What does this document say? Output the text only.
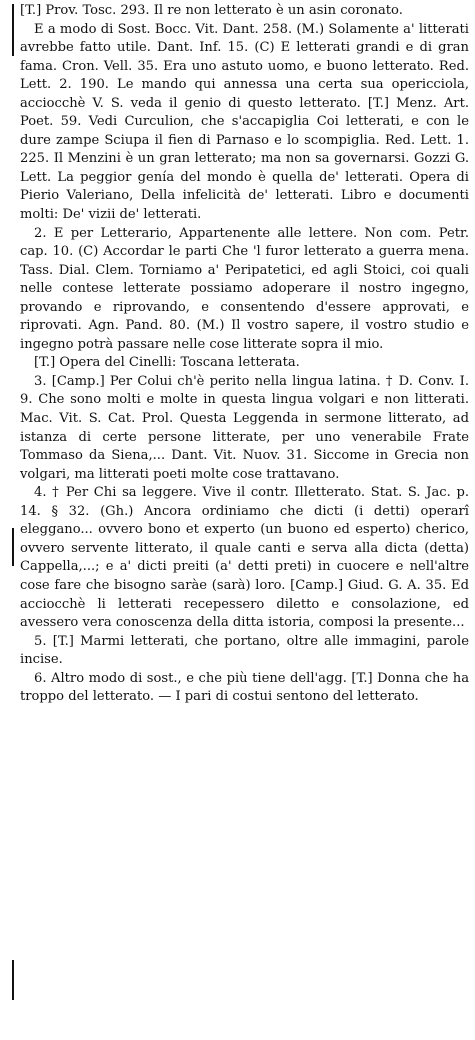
[T.] Prov. Tosc. 293. Il re non letterato è un asin coronato.

E a modo di Sost. Bocc. Vit. Dant. 258. (M.) Solamente a' litterati avrebbe fatto utile. Dant. Inf. 15. (C) E letterati grandi e di gran fama. Cron. Vell. 35. Era uno astuto uomo, e buono letterato. Red. Lett. 2. 190. Le mando qui annessa una certa sua opericciola, acciocchè V. S. veda il genio di questo letterato. [T.] Menz. Art. Poet. 59. Vedi Curculion, che s'accapiglia Coi letterati, e con le dure zampe Sciupa il fien di Parnaso e lo scompiglia. Red. Lett. 1. 225. Il Menzini è un gran letterato; ma non sa governarsi. Gozzi G. Lett. La peggior genía del mondo è quella de' letterati. Opera di Pierio Valeriano, Della infelicità de' letterati. Libro e documenti molti: De' vizii de' letterati.

2. E per Letterario, Appartenente alle lettere. Non com. Petr. cap. 10. (C) Accordar le parti Che 'l furor letterato a guerra mena. Tass. Dial. Clem. Torniamo a' Peripatetici, ed agli Stoici, coi quali nelle contese letterate possiamo adoperare il nostro ingegno, provando e riprovando, e consentendo d'essere approvati, e riprovati. Agn. Pand. 80. (M.) Il vostro sapere, il vostro studio e ingegno potrà passare nelle cose litterate sopra il mio.

[T.] Opera del Cinelli: Toscana letterata.

3. [Camp.] Per Colui ch'è perito nella lingua latina. † D. Conv. I. 9. Che sono molti e molte in questa lingua volgari e non litterati. Mac. Vit. S. Cat. Prol. Questa Leggenda in sermone litterato, ad istanza di certe persone litterate, per uno venerabile Frate Tommaso da Siena,... Dant. Vit. Nuov. 31. Siccome in Grecia non volgari, ma litterati poeti molte cose trattavano.

4. † Per Chi sa leggere. Vive il contr. Illetterato. Stat. S. Jac. p. 14. § 32. (Gh.) Ancora ordiniamo che dicti (i detti) operarî eleggano... ovvero bono et experto (un buono ed esperto) cherico, ovvero servente litterato, il quale canti e serva alla dicta (detta) Cappella,...; e a' dicti preiti (a' detti preti) in cuocere e nell'altre cose fare che bisogno saràe (sarà) loro. [Camp.] Giud. G. A. 35. Ed acciocchè li letterati recepessero diletto e consolazione, ed avessero vera conoscenza della ditta istoria, composi la presente...

5. [T.] Marmi letterati, che portano, oltre alle immagini, parole incise.

6. Altro modo di sost., e che più tiene dell'agg. [T.] Donna che ha troppo del letterato. — I pari di costui sentono del letterato.
